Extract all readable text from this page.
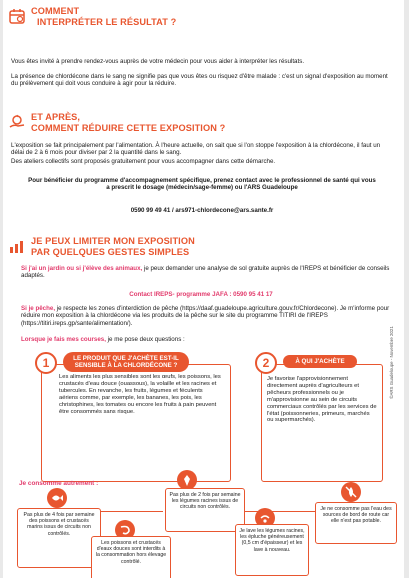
COMMENT
INTERPRÉTER LE RÉSULTAT ?
Vous êtes invité à prendre rendez-vous auprès de votre médecin pour vous aider à interpréter les résultats.
La présence de chlordécone dans le sang ne signifie pas que vous êtes ou risquez d'être malade : c'est un signal d'exposition au moment du prélèvement qui doit vous conduire à agir pour la réduire.
ET APRÈS,
COMMENT RÉDUIRE CETTE EXPOSITION ?
L'exposition se fait principalement par l'alimentation. À l'heure actuelle, on sait que si l'on stoppe l'exposition à la chlordécone, il faut un délai de 2 à 6 mois pour diviser par 2 la quantité dans le sang.
Des ateliers collectifs sont proposés gratuitement pour vous accompagner dans cette démarche.
Pour bénéficier du programme d'accompagnement spécifique, prenez contact avec le professionnel de santé qui vous a prescrit le dosage (médecin/sage-femme) ou l'ARS Guadeloupe
0590 99 49 41 / ars971-chlordecone@ars.sante.fr
JE PEUX LIMITER MON EXPOSITION
PAR QUELQUES GESTES SIMPLES
Si j'ai un jardin ou si j'élève des animaux, je peux demander une analyse de sol gratuite auprès de l'IREPS et bénéficier de conseils adaptés.
Contact IREPS- programme JAFA : 0590 95 41 17
Si je pêche, je respecte les zones d'interdiction de pêche (https://daaf.guadeloupe.agriculture.gouv.fr/Chlordecone). Je m'informe pour réduire mon exposition à la chlordécone via les produits de la pêche sur le site du programme TITIRI de l'IREPS (https://titiri.ireps.gp/sante/alimentation/).
Lorsque je fais mes courses, je me pose deux questions :
1	LE PRODUIT QUE J'ACHÈTE EST-IL SENSIBLE À LA CHLORDÉCONE ?
Les aliments les plus sensibles sont les œufs, les poissons, les crustacés d'eau douce (ouassous), la volaille et les racines et tubercules. En revanche, les fruits, légumes et féculents aériens comme, par exemple, les bananes, les pois, les christophines, les tomates ou encore les fruits à pain peuvent être consommés sans risque.
2	À QUI J'ACHÈTE
Je favorise l'approvisionnement directement auprès d'agriculteurs et pêcheurs professionnels ou je m'approvisionne au sein de circuits commerciaux contrôlés par les services de l'état (poissonneries, primeurs, marchés ou supermarchés).
Je consomme autrement :
Pas plus de 4 fois par semaine des poissons et crustacés marins issus de circuits non contrôlés.
Pas plus de 2 fois par semaine les légumes racines issus de circuits non contrôlés.	Je ne consomme pas l'eau des sources de bord de route car elle n'est pas potable.
Les poissons et crustacés d'eaux douces sont interdits à la consommation hors élevage contrôlé.
Je lave les légumes racines, les épluche généreusement (0,5 cm d'épaisseur) et les lave à nouveau.
©ARS Guadeloupe - Novembre 2021
